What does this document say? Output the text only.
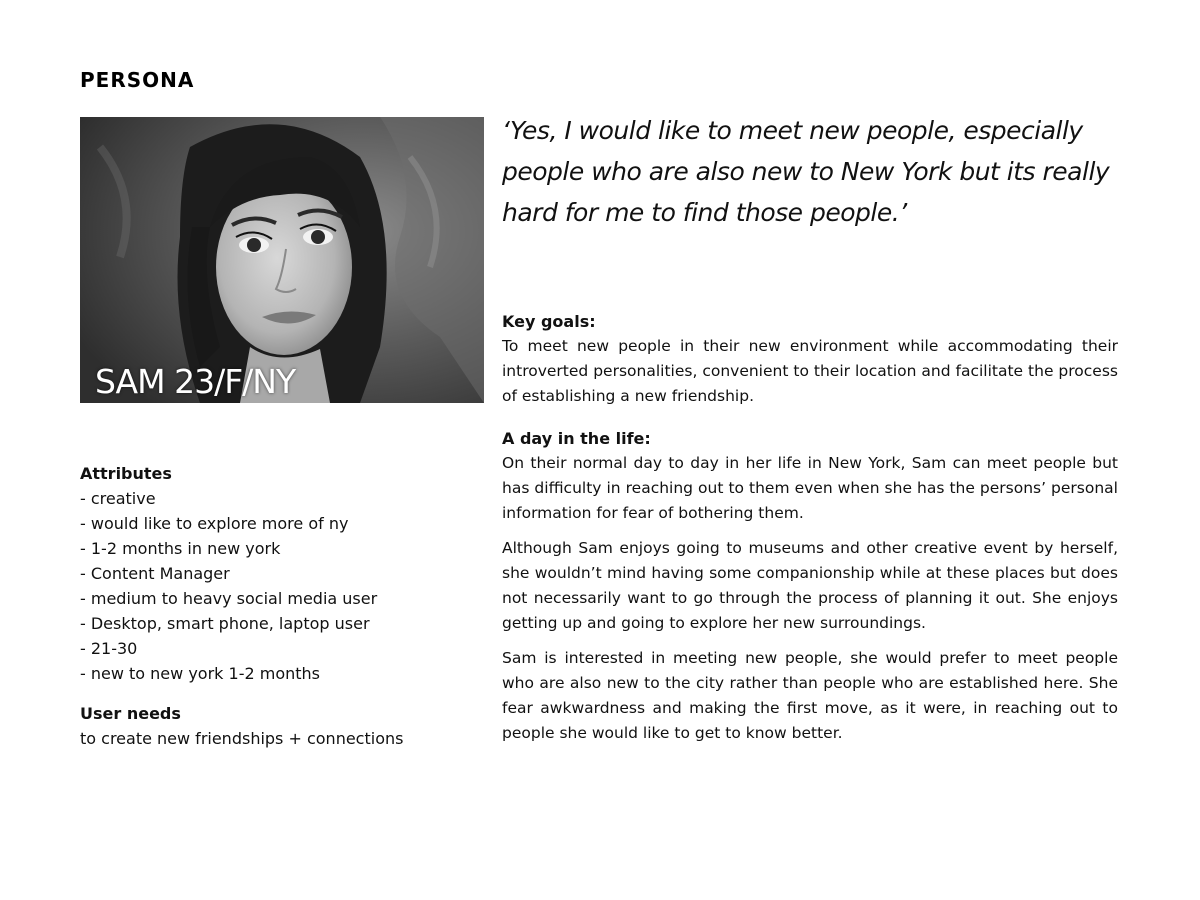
PERSONA
SAM 23/F/NY
Attributes
- creative
- would like to explore more of ny
- 1-2 months in new york
- Content Manager
- medium to heavy social media user
- Desktop, smart phone, laptop user
- 21-30
- new to new york 1-2 months
User needs
to create new friendships + connections

‘Yes, I would like to meet new people, especially people who are also new to New York but its really hard for me to find those people.’

Key goals:

To meet new people in their new environment while accommodating their introverted personalities, convenient to their location and facilitate the process of establishing a new friendship.

A day in the life:

On their normal day to day in her life in New York, Sam can meet people but has difficulty in reaching out to them even when she has the persons’ personal information for fear of bothering them.

Although Sam enjoys going to museums and other creative event by herself, she wouldn’t mind having some companionship while at these places but does not necessarily want to go through the process of planning it out. She enjoys getting up and going to explore her new surroundings.

Sam is interested in meeting new people, she would prefer to meet people who are also new to the city rather than people who are established here. She fear awkwardness and making the first move, as it were, in reaching out to people she would like to get to know better.
